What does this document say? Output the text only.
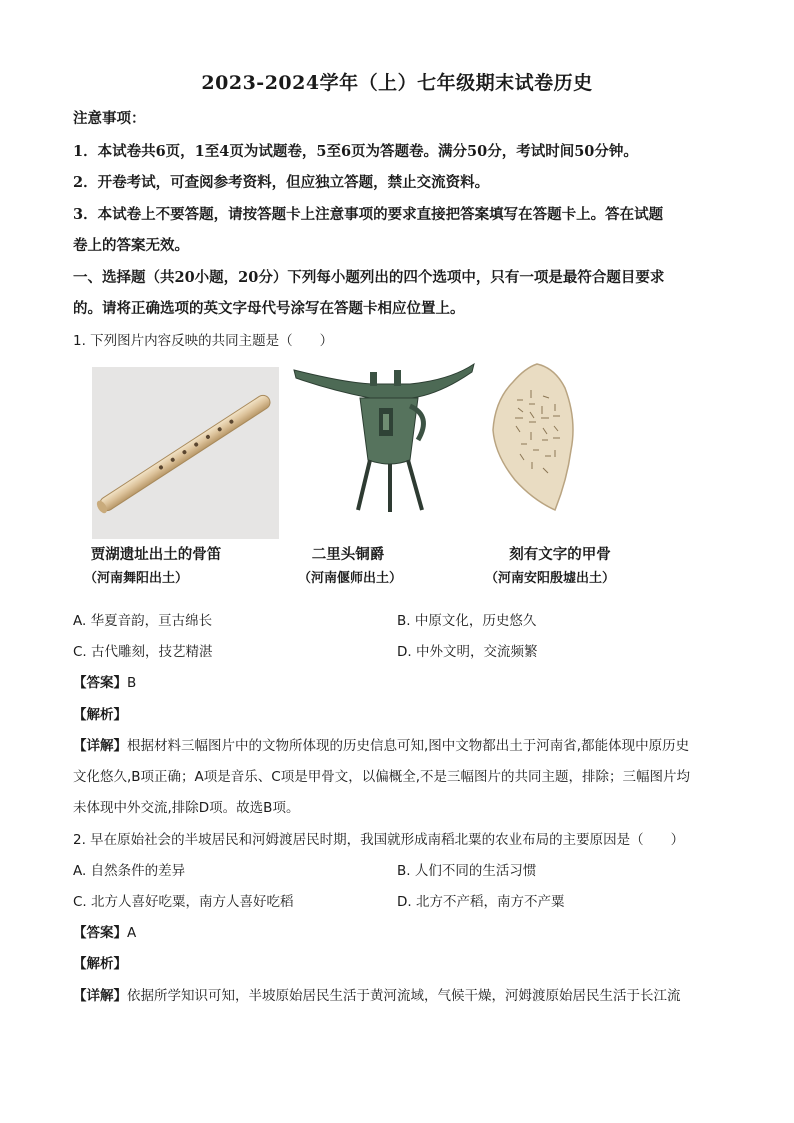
2023-2024学年（上）七年级期末试卷历史
注意事项：
1．本试卷共6页，1至4页为试题卷，5至6页为答题卷。满分50分，考试时间50分钟。
2．开卷考试，可查阅参考资料，但应独立答题，禁止交流资料。
3．本试卷上不要答题，请按答题卡上注意事项的要求直接把答案填写在答题卡上。答在试题
卷上的答案无效。
一、选择题（共20小题，20分）下列每小题列出的四个选项中，只有一项是最符合题目要求
的。请将正确选项的英文字母代号涂写在答题卡相应位置上。
1. 下列图片内容反映的共同主题是（　　）
贾湖遗址出土的骨笛
（河南舞阳出土）
二里头铜爵
（河南偃师出土）
刻有文字的甲骨
（河南安阳殷墟出土）
A. 华夏音韵，亘古绵长	B. 中原文化，历史悠久
C. 古代雕刻，技艺精湛	D. 中外文明，交流频繁
【答案】B
【解析】
【详解】根据材料三幅图片中的文物所体现的历史信息可知,图中文物都出土于河南省,都能体现中原历史
文化悠久,B项正确；A项是音乐、C项是甲骨文，以偏概全,不是三幅图片的共同主题，排除；三幅图片均
未体现中外交流,排除D项。故选B项。
2. 早在原始社会的半坡居民和河姆渡居民时期，我国就形成南稻北粟的农业布局的主要原因是（　　）
A. 自然条件的差异	B. 人们不同的生活习惯
C. 北方人喜好吃粟，南方人喜好吃稻	D. 北方不产稻，南方不产粟
【答案】A
【解析】
【详解】依据所学知识可知，半坡原始居民生活于黄河流域，气候干燥，河姆渡原始居民生活于长江流
